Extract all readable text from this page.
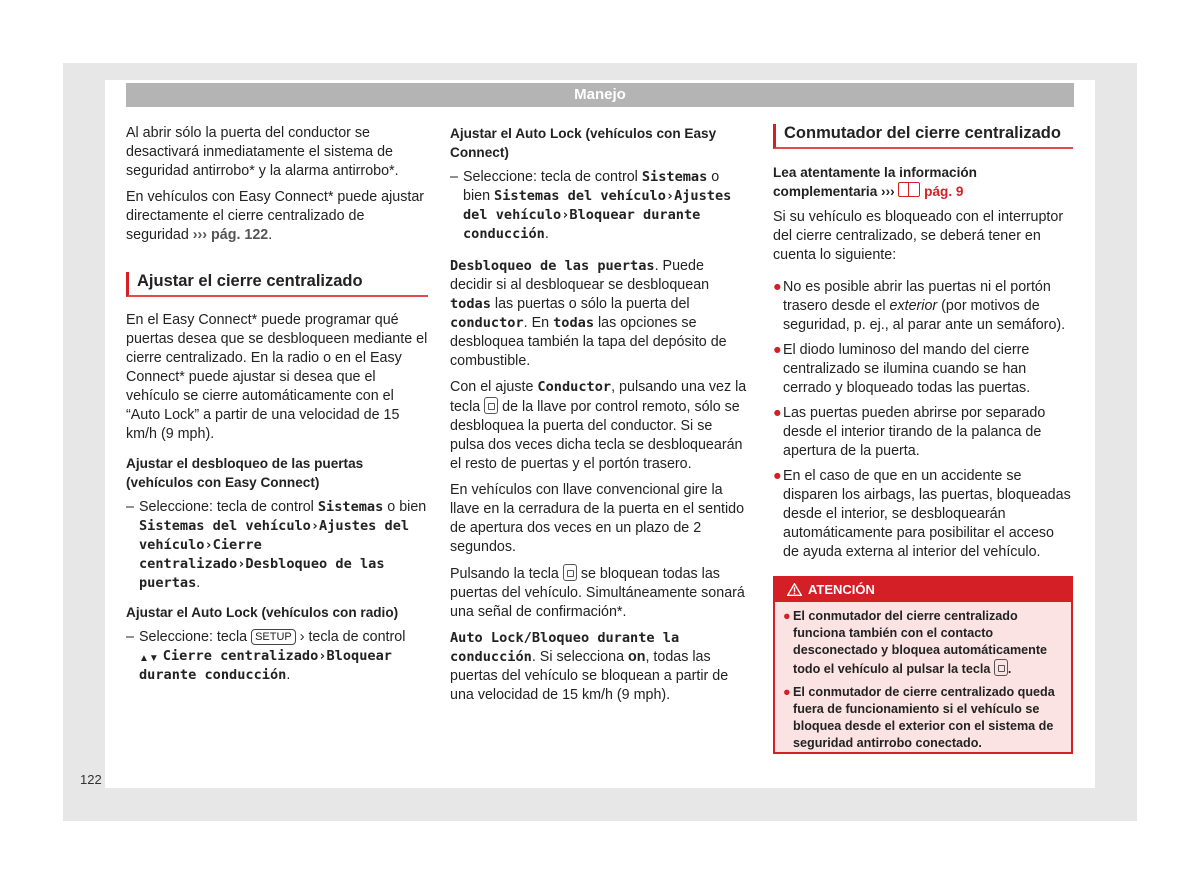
Manejo

Al abrir sólo la puerta del conductor se desactivará inmediatamente el sistema de seguridad antirrobo* y la alarma antirrobo*.

En vehículos con Easy Connect* puede ajustar directamente el cierre centralizado de seguridad ››› pág. 122.

Ajustar el cierre centralizado

En el Easy Connect* puede programar qué puertas desea que se desbloqueen mediante el cierre centralizado. En la radio o en el Easy Connect* puede ajustar si desea que el vehículo se cierre automáticamente con el “Auto Lock” a partir de una velocidad de 15 km/h (9 mph).

Ajustar el desbloqueo de las puertas (vehículos con Easy Connect)
– Seleccione: tecla de control Sistemas o bien Sistemas del vehículo›Ajustes del vehículo›Cierre centralizado›Desbloqueo de las puertas.
Ajustar el Auto Lock (vehículos con radio)
– Seleccione: tecla SETUP › tecla de control ▲▼ Cierre centralizado›Bloquear durante conducción.
Ajustar el Auto Lock (vehículos con Easy Connect)
– Seleccione: tecla de control Sistemas o bien Sistemas del vehículo›Ajustes del vehículo›Bloquear durante conducción.

Desbloqueo de las puertas. Puede decidir si al desbloquear se desbloquean todas las puertas o sólo la puerta del conductor. En todas las opciones se desbloquea también la tapa del depósito de combustible.

Con el ajuste Conductor, pulsando una vez la tecla  de la llave por control remoto, sólo se desbloquea la puerta del conductor. Si se pulsa dos veces dicha tecla se desbloquearán el resto de puertas y el portón trasero.

En vehículos con llave convencional gire la llave en la cerradura de la puerta en el sentido de apertura dos veces en un plazo de 2 segundos.

Pulsando la tecla  se bloquean todas las puertas del vehículo. Simultáneamente sonará una señal de confirmación*.

Auto Lock/Bloqueo durante la conducción. Si selecciona on, todas las puertas del vehículo se bloquean a partir de una velocidad de 15 km/h (9 mph).

Conmutador del cierre centralizado

Lea atentamente la información complementaria ›››  pág. 9

Si su vehículo es bloqueado con el interruptor del cierre centralizado, se deberá tener en cuenta lo siguiente:

● No es posible abrir las puertas ni el portón trasero desde el exterior (por motivos de seguridad, p. ej., al parar ante un semáforo).
● El diodo luminoso del mando del cierre centralizado se ilumina cuando se han cerrado y bloqueado todas las puertas.
● Las puertas pueden abrirse por separado desde el interior tirando de la palanca de apertura de la puerta.
● En el caso de que en un accidente se disparen los airbags, las puertas, bloqueadas desde el interior, se desbloquearán automáticamente para posibilitar el acceso de ayuda externa al interior del vehículo.
ATENCIÓN
● El conmutador del cierre centralizado funciona también con el contacto desconectado y bloquea automáticamente todo el vehículo al pulsar la tecla .
● El conmutador de cierre centralizado queda fuera de funcionamiento si el vehículo se bloquea desde el exterior con el sistema de seguridad antirrobo conectado.
122
